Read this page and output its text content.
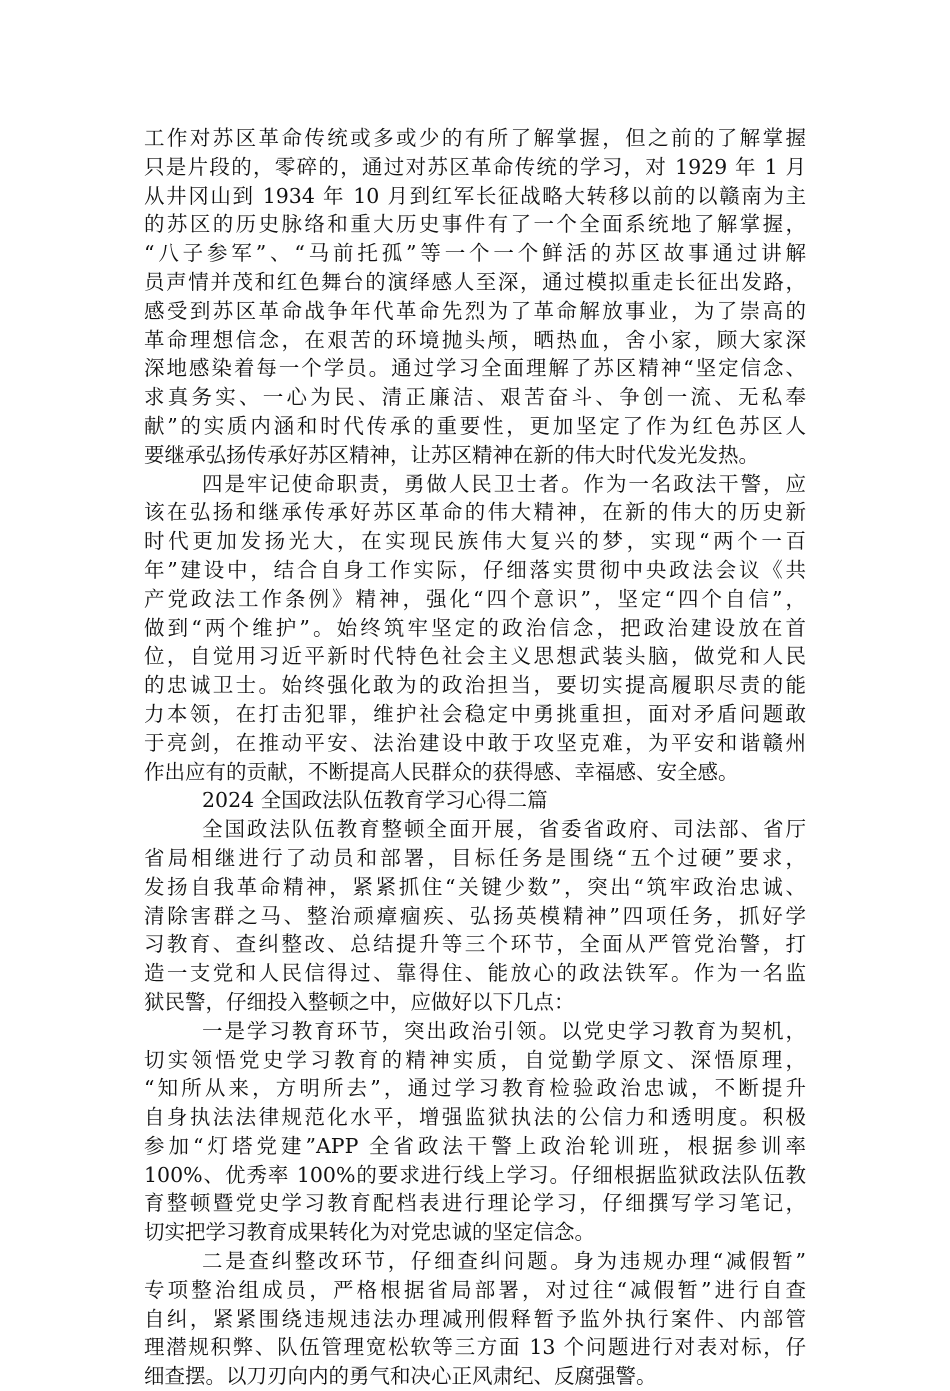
工作对苏区革命传统或多或少的有所了解掌握，但之前的了解掌握
只是片段的，零碎的，通过对苏区革命传统的学习，对 1929 年 1 月
从井冈山到 1934 年 10 月到红军长征战略大转移以前的以赣南为主
的苏区的历史脉络和重大历史事件有了一个全面系统地了解掌握，
“八子参军”、“马前托孤”等一个一个鲜活的苏区故事通过讲解
员声情并茂和红色舞台的演绎感人至深，通过模拟重走长征出发路，
感受到苏区革命战争年代革命先烈为了革命解放事业，为了崇高的
革命理想信念，在艰苦的环境抛头颅，晒热血，舍小家，顾大家深
深地感染着每一个学员。通过学习全面理解了苏区精神“坚定信念、
求真务实、一心为民、清正廉洁、艰苦奋斗、争创一流、无私奉
献”的实质内涵和时代传承的重要性，更加坚定了作为红色苏区人
要继承弘扬传承好苏区精神，让苏区精神在新的伟大时代发光发热。
四是牢记使命职责，勇做人民卫士者。作为一名政法干警，应
该在弘扬和继承传承好苏区革命的伟大精神，在新的伟大的历史新
时代更加发扬光大，在实现民族伟大复兴的梦，实现“两个一百
年”建设中，结合自身工作实际，仔细落实贯彻中央政法会议《共
产党政法工作条例》精神，强化“四个意识”，坚定“四个自信”，
做到“两个维护”。始终筑牢坚定的政治信念，把政治建设放在首
位，自觉用习近平新时代特色社会主义思想武装头脑，做党和人民
的忠诚卫士。始终强化敢为的政治担当，要切实提高履职尽责的能
力本领，在打击犯罪，维护社会稳定中勇挑重担，面对矛盾问题敢
于亮剑，在推动平安、法治建设中敢于攻坚克难，为平安和谐赣州
作出应有的贡献，不断提高人民群众的获得感、幸福感、安全感。
2024 全国政法队伍教育学习心得二篇
全国政法队伍教育整顿全面开展，省委省政府、司法部、省厅
省局相继进行了动员和部署，目标任务是围绕“五个过硬”要求，
发扬自我革命精神，紧紧抓住“关键少数”，突出“筑牢政治忠诚、
清除害群之马、整治顽瘴痼疾、弘扬英模精神”四项任务，抓好学
习教育、查纠整改、总结提升等三个环节，全面从严管党治警，打
造一支党和人民信得过、靠得住、能放心的政法铁军。作为一名监
狱民警，仔细投入整顿之中，应做好以下几点：
一是学习教育环节，突出政治引领。以党史学习教育为契机，
切实领悟党史学习教育的精神实质，自觉勤学原文、深悟原理，
“知所从来，方明所去”，通过学习教育检验政治忠诚，不断提升
自身执法法律规范化水平，增强监狱执法的公信力和透明度。积极
参加“灯塔党建”APP 全省政法干警上政治轮训班，根据参训率
100%、优秀率 100%的要求进行线上学习。仔细根据监狱政法队伍教
育整顿暨党史学习教育配档表进行理论学习，仔细撰写学习笔记，
切实把学习教育成果转化为对党忠诚的坚定信念。
二是查纠整改环节，仔细查纠问题。身为违规办理“减假暂”
专项整治组成员，严格根据省局部署，对过往“减假暂”进行自查
自纠，紧紧围绕违规违法办理减刑假释暂予监外执行案件、内部管
理潜规积弊、队伍管理宽松软等三方面 13 个问题进行对表对标，仔
细查摆。以刀刃向内的勇气和决心正风肃纪、反腐强警。
